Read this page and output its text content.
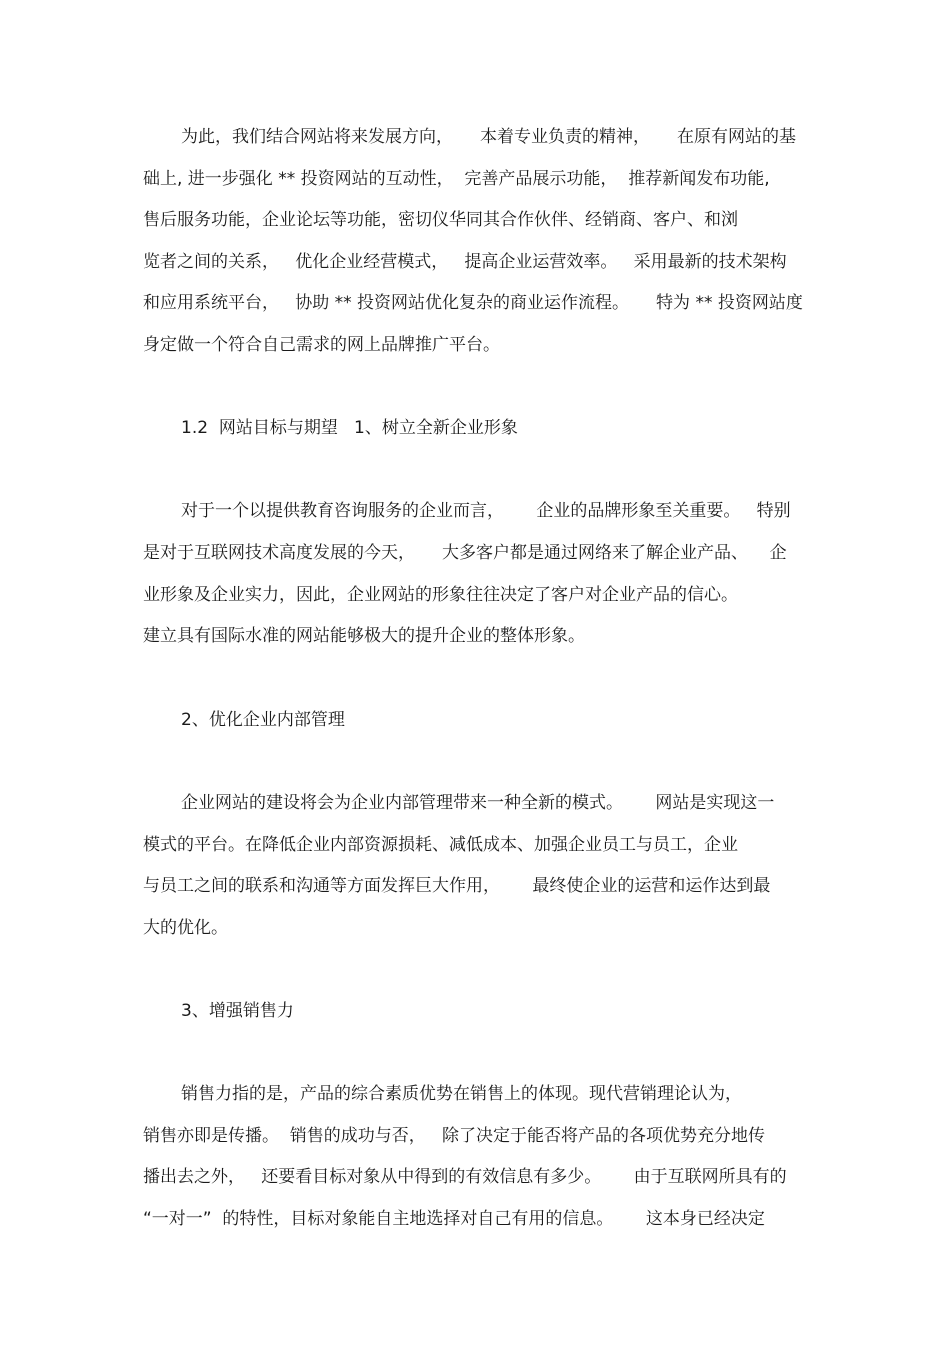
为此，我们结合网站将来发展方向，     本着专业负责的精神，     在原有网站的基
础上, 进一步强化 ** 投资网站的互动性，  完善产品展示功能，  推荐新闻发布功能,
售后服务功能，企业论坛等功能，密切仪华同其合作伙伴、经销商、客户、和浏
览者之间的关系，   优化企业经营模式，   提高企业运营效率。   采用最新的技术架构
和应用系统平台，   协助 ** 投资网站优化复杂的商业运作流程。     特为 ** 投资网站度
身定做一个符合自己需求的网上品牌推广平台。
1.2  网站目标与期望   1、树立全新企业形象
对于一个以提供教育咨询服务的企业而言，      企业的品牌形象至关重要。   特别
是对于互联网技术高度发展的今天，     大多客户都是通过网络来了解企业产品、    企
业形象及企业实力，因此，企业网站的形象往往决定了客户对企业产品的信心。
建立具有国际水准的网站能够极大的提升企业的整体形象。
2、优化企业内部管理
企业网站的建设将会为企业内部管理带来一种全新的模式。      网站是实现这一
模式的平台。在降低企业内部资源损耗、减低成本、加强企业员工与员工，企业
与员工之间的联系和沟通等方面发挥巨大作用，      最终使企业的运营和运作达到最
大的优化。
3、增强销售力
销售力指的是，产品的综合素质优势在销售上的体现。现代营销理论认为，
销售亦即是传播。  销售的成功与否，   除了决定于能否将产品的各项优势充分地传
播出去之外，   还要看目标对象从中得到的有效信息有多少。      由于互联网所具有的
“一对一”  的特性，目标对象能自主地选择对自己有用的信息。      这本身已经决定
